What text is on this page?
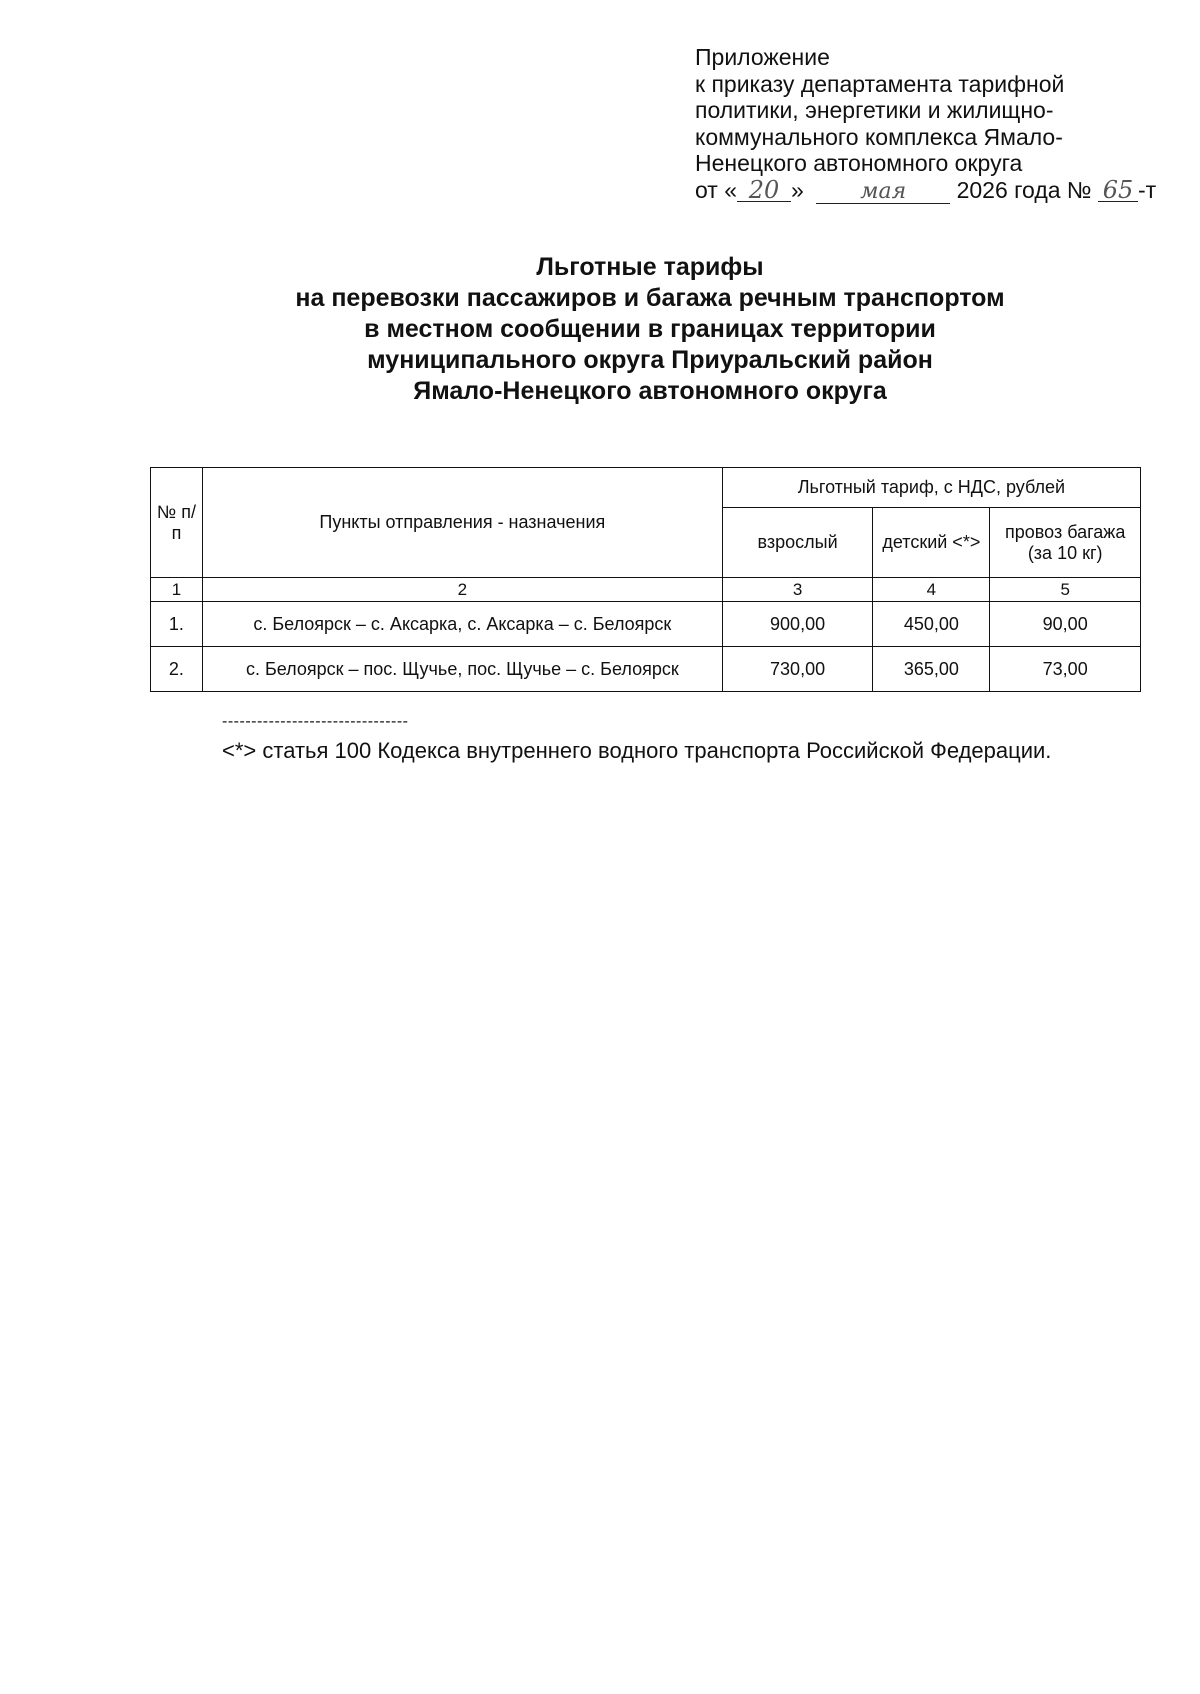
Приложение
к приказу департамента тарифной
политики, энергетики и жилищно-
коммунального комплекса Ямало-
Ненецкого автономного округа
от « 20 »	мая 2026 года № 65 -т
Льготные тарифы
на перевозки пассажиров и багажа речным транспортом
в местном сообщении в границах территории
муниципального округа Приуральский район
Ямало-Ненецкого автономного округа
№ п/п	Пункты отправления - назначения	Льготный тариф, с НДС, рублей		
		взрослый	детский <*>	провоз багажа (за 10 кг)
1	2	3	4	5
1.	с. Белоярск – с. Аксарка, с. Аксарка – с. Белоярск	900,00	450,00	90,00
2.	с. Белоярск – пос. Щучье, пос. Щучье – с. Белоярск	730,00	365,00	73,00
--------------------------------
<*> статья 100 Кодекса внутреннего водного транспорта Российской Федерации.
